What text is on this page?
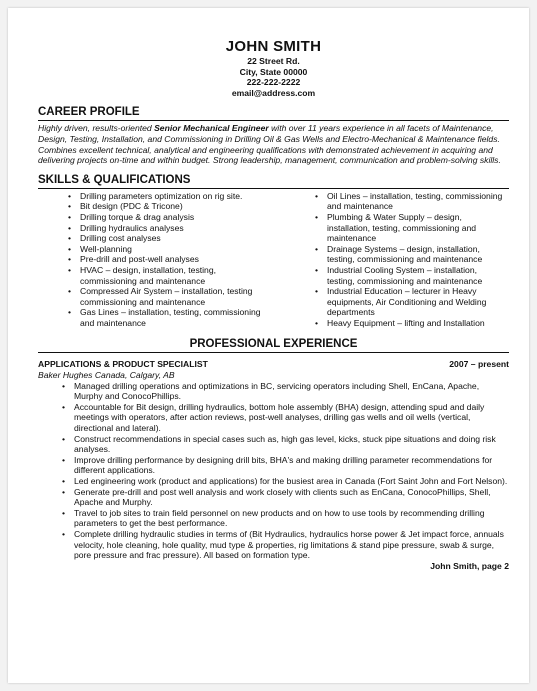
JOHN SMITH
22 Street Rd.
City, State 00000
222-222-2222
email@address.com
CAREER PROFILE
Highly driven, results-oriented Senior Mechanical Engineer with over 11 years experience in all facets of Maintenance, Design, Testing, Installation, and Commissioning in Drilling Oil & Gas Wells and Electro-Mechanical & Maintenance fields. Combines excellent technical, analytical and engineering qualifications with demonstrated achievement in acquiring and delivering projects on-time and within budget. Strong leadership, management, communication and problem-solving skills.
SKILLS & QUALIFICATIONS
• Drilling parameters optimization on rig site.
• Bit design (PDC & Tricone)
• Drilling torque & drag analysis
• Drilling hydraulics analyses
• Drilling cost analyses
• Well-planning
• Pre-drill and post-well analyses
• HVAC – design, installation, testing, commissioning and maintenance
• Compressed Air System – installation, testing commissioning and maintenance
• Gas Lines – installation, testing, commissioning and maintenance
• Oil Lines – installation, testing, commissioning and maintenance
• Plumbing & Water Supply – design, installation, testing, commissioning and maintenance
• Drainage Systems – design, installation, testing, commissioning and maintenance
• Industrial Cooling System – installation, testing, commissioning and maintenance
• Industrial Education – lecturer in Heavy equipments, Air Conditioning and Welding departments
• Heavy Equipment – lifting and Installation
PROFESSIONAL EXPERIENCE
APPLICATIONS & PRODUCT SPECIALIST	2007 – present
Baker Hughes Canada, Calgary, AB
• Managed drilling operations and optimizations in BC, servicing operators including Shell, EnCana, Apache, Murphy and ConocoPhillips.
• Accountable for Bit design, drilling hydraulics, bottom hole assembly (BHA) design, attending spud and daily meetings with operators, after action reviews, post-well analyses, drilling gas wells and oil wells (vertical, directional and lateral).
• Construct recommendations in special cases such as, high gas level, kicks, stuck pipe situations and doing risk analyses.
• Improve drilling performance by designing drill bits, BHA's and making drilling parameter recommendations for different applications.
• Led engineering work (product and applications) for the busiest area in Canada (Fort Saint John and Fort Nelson).
• Generate pre-drill and post well analysis and work closely with clients such as EnCana, ConocoPhillips, Shell, Apache and Murphy.
• Travel to job sites to train field personnel on new products and on how to use tools by recommending drilling parameters to get the best performance.
• Complete drilling hydraulic studies in terms of (Bit Hydraulics, hydraulics horse power & Jet impact force, annuals velocity, hole cleaning, hole quality, mud type & properties, rig limitations & stand pipe pressure, swab & surge, pore pressure and frac pressure). All based on formation type.
John Smith, page 2
